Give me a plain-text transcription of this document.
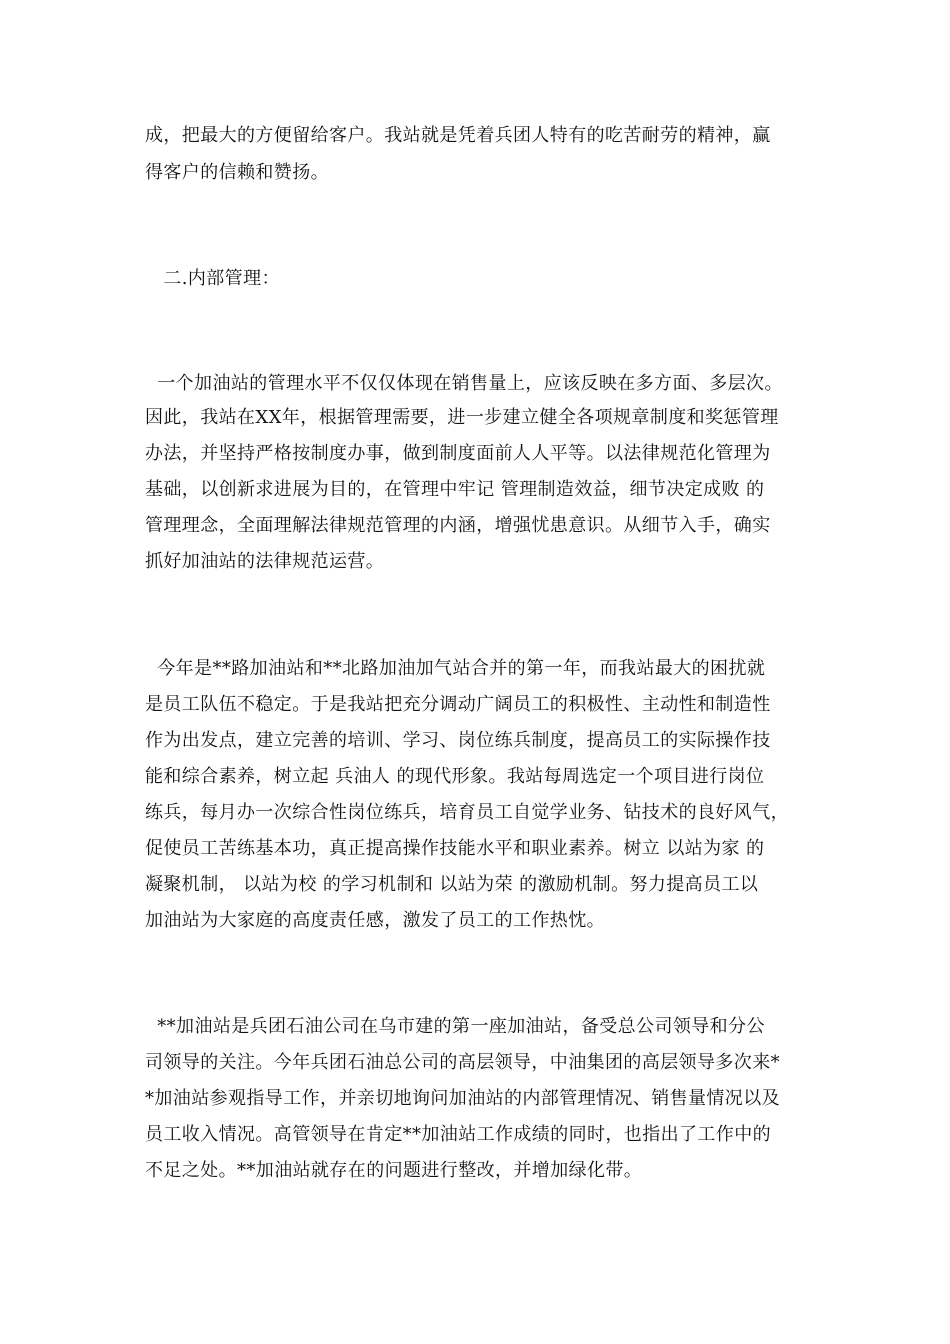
成，把最大的方便留给客户。我站就是凭着兵团人特有的吃苦耐劳的精神，赢
得客户的信赖和赞扬。
二.内部管理：
一个加油站的管理水平不仅仅体现在销售量上，应该反映在多方面、多层次。
因此，我站在XX年，根据管理需要，进一步建立健全各项规章制度和奖惩管理
办法，并坚持严格按制度办事，做到制度面前人人平等。以法律规范化管理为
基础，以创新求进展为目的，在管理中牢记 管理制造效益，细节决定成败 的
管理理念，全面理解法律规范管理的内涵，增强忧患意识。从细节入手，确实
抓好加油站的法律规范运营。
今年是**路加油站和**北路加油加气站合并的第一年，而我站最大的困扰就
是员工队伍不稳定。于是我站把充分调动广阔员工的积极性、主动性和制造性
作为出发点，建立完善的培训、学习、岗位练兵制度，提高员工的实际操作技
能和综合素养，树立起 兵油人 的现代形象。我站每周选定一个项目进行岗位
练兵，每月办一次综合性岗位练兵，培育员工自觉学业务、钻技术的良好风气，
促使员工苦练基本功，真正提高操作技能水平和职业素养。树立 以站为家 的
凝聚机制， 以站为校 的学习机制和 以站为荣 的激励机制。努力提高员工以
加油站为大家庭的高度责任感，激发了员工的工作热忱。
**加油站是兵团石油公司在乌市建的第一座加油站，备受总公司领导和分公
司领导的关注。今年兵团石油总公司的高层领导，中油集团的高层领导多次来*
*加油站参观指导工作，并亲切地询问加油站的内部管理情况、销售量情况以及
员工收入情况。高管领导在肯定**加油站工作成绩的同时，也指出了工作中的
不足之处。**加油站就存在的问题进行整改，并增加绿化带。
